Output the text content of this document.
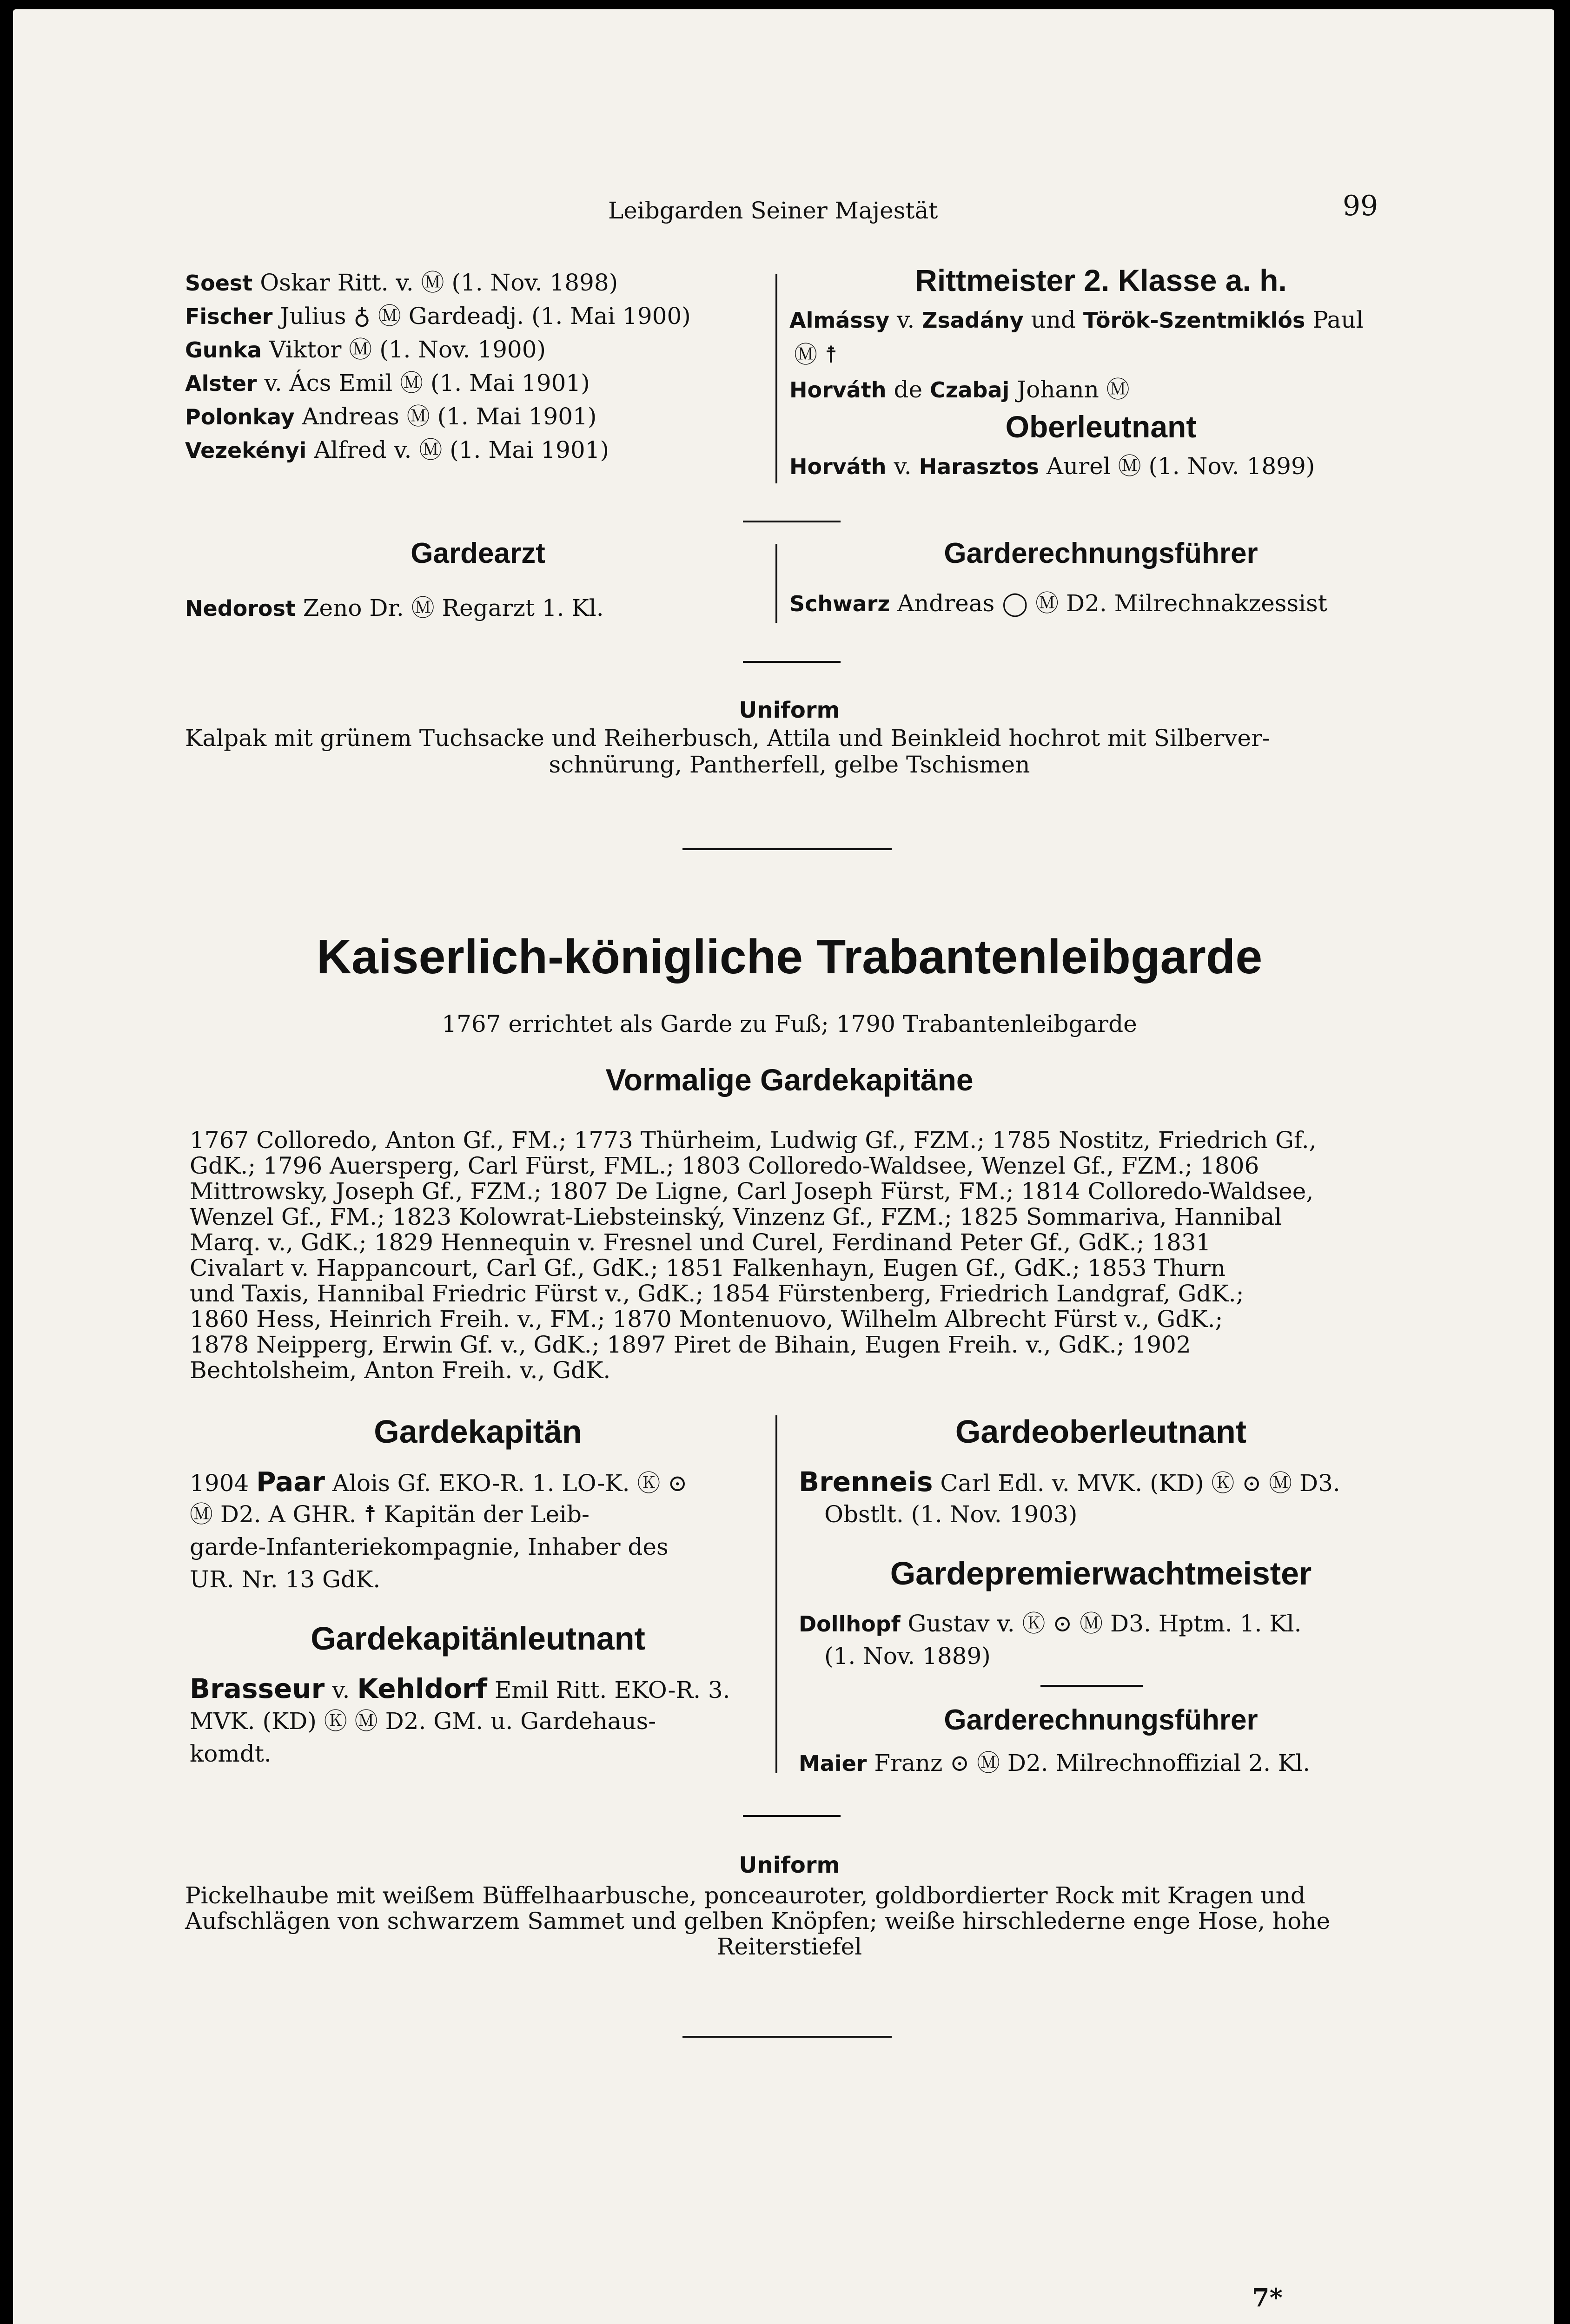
Leibgarden Seiner Majestät	99
Soest Oskar Ritt. v. Ⓜ (1. Nov. 1898)
Fischer Julius ♁ Ⓜ Gardeadj. (1. Mai 1900)
Gunka Viktor Ⓜ (1. Nov. 1900)
Alster v. Ács Emil Ⓜ (1. Mai 1901)
Polonkay Andreas Ⓜ (1. Mai 1901)
Vezekényi Alfred v. Ⓜ (1. Mai 1901)
Rittmeister 2. Klasse a. h.
Almássy v. Zsadány und Török-Szentmiklós Paul
Ⓜ ☨
Horváth de Czabaj Johann Ⓜ
Oberleutnant
Horváth v. Harasztos Aurel Ⓜ (1. Nov. 1899)
Gardearzt
Nedorost Zeno Dr. Ⓜ Regarzt 1. Kl.
Garderechnungsführer
Schwarz Andreas ◯ Ⓜ D2. Milrechnakzessist
Uniform
Kalpak mit grünem Tuchsacke und Reiherbusch, Attila und Beinkleid hochrot mit Silberver-
schnürung, Pantherfell, gelbe Tschismen
Kaiserlich-königliche Trabantenleibgarde
1767 errichtet als Garde zu Fuß; 1790 Trabantenleibgarde
Vormalige Gardekapitäne
1767 Colloredo, Anton Gf., FM.; 1773 Thürheim, Ludwig Gf., FZM.; 1785 Nostitz, Friedrich Gf.,
GdK.; 1796 Auersperg, Carl Fürst, FML.; 1803 Colloredo-Waldsee, Wenzel Gf., FZM.; 1806
Mittrowsky, Joseph Gf., FZM.; 1807 De Ligne, Carl Joseph Fürst, FM.; 1814 Colloredo-Waldsee,
Wenzel Gf., FM.; 1823 Kolowrat-Liebsteinský, Vinzenz Gf., FZM.; 1825 Sommariva, Hannibal
Marq. v., GdK.; 1829 Hennequin v. Fresnel und Curel, Ferdinand Peter Gf., GdK.; 1831
Civalart v. Happancourt, Carl Gf., GdK.; 1851 Falkenhayn, Eugen Gf., GdK.; 1853 Thurn
und Taxis, Hannibal Friedric Fürst v., GdK.; 1854 Fürstenberg, Friedrich Landgraf, GdK.;
1860 Hess, Heinrich Freih. v., FM.; 1870 Montenuovo, Wilhelm Albrecht Fürst v., GdK.;
1878 Neipperg, Erwin Gf. v., GdK.; 1897 Piret de Bihain, Eugen Freih. v., GdK.; 1902
Bechtolsheim, Anton Freih. v., GdK.
Gardekapitän
1904 Paar Alois Gf. EKO-R. 1. LO-K. Ⓚ ⊙
Ⓜ D2. A GHR. ☨ Kapitän der Leib-
garde-Infanteriekompagnie, Inhaber des
UR. Nr. 13 GdK.
Gardekapitänleutnant
Brasseur v. Kehldorf Emil Ritt. EKO-R. 3.
MVK. (KD) Ⓚ Ⓜ D2. GM. u. Gardehaus-
komdt.
Gardeoberleutnant
Brenneis Carl Edl. v. MVK. (KD) Ⓚ ⊙ Ⓜ D3.
Obstlt. (1. Nov. 1903)
Gardepremierwachtmeister
Dollhopf Gustav v. Ⓚ ⊙ Ⓜ D3. Hptm. 1. Kl.
(1. Nov. 1889)
Garderechnungsführer
Maier Franz ⊙ Ⓜ D2. Milrechnoffizial 2. Kl.
Uniform
Pickelhaube mit weißem Büffelhaarbusche, ponceauroter, goldbordierter Rock mit Kragen und
Aufschlägen von schwarzem Sammet und gelben Knöpfen; weiße hirschlederne enge Hose, hohe
Reiterstiefel
7*
